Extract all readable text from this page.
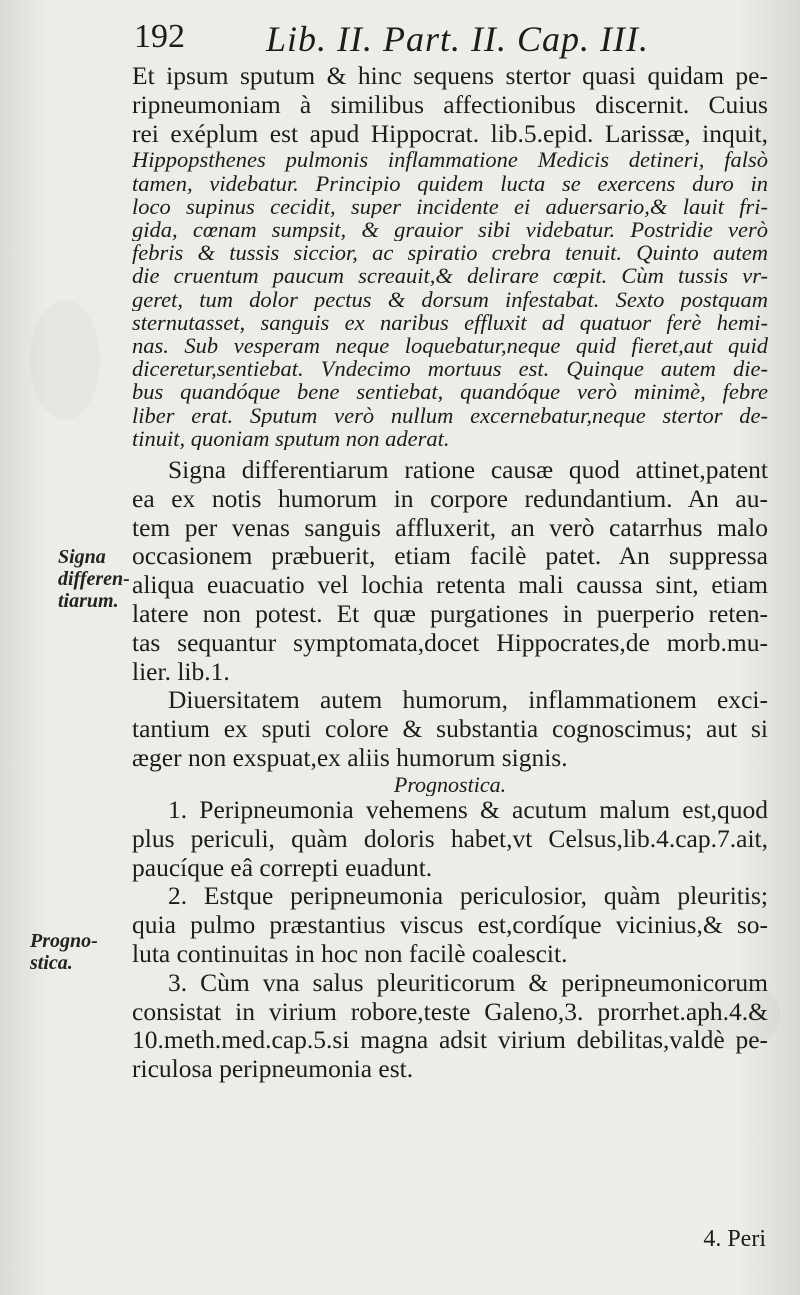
192 Lib. II. Part. II. Cap. III.
Signa
differen-
tiarum.
Progno-
stica.
Et ipsum sputum & hinc sequens stertor quasi quidam pe-
ripneumoniam à similibus affectionibus discernit. Cuius
rei exéplum est apud Hippocrat. lib.5.epid. Larissæ, inquit,
Hippopsthenes pulmonis inflammatione Medicis detineri, falsò
tamen, videbatur. Principio quidem lucta se exercens duro in
loco supinus cecidit, super incidente ei aduersario,& lauit fri-
gida, cœnam sumpsit, & grauior sibi videbatur. Postridie verò
febris & tussis siccior, ac spiratio crebra tenuit. Quinto autem
die cruentum paucum screauit,& delirare cœpit. Cùm tussis vr-
geret, tum dolor pectus & dorsum infestabat. Sexto postquam
sternutasset, sanguis ex naribus effluxit ad quatuor ferè hemi-
nas. Sub vesperam neque loquebatur,neque quid fieret,aut quid
diceretur,sentiebat. Vndecimo mortuus est. Quinque autem die-
bus quandóque bene sentiebat, quandóque verò minimè, febre
liber erat. Sputum verò nullum excernebatur,neque stertor de-
tinuit, quoniam sputum non aderat.
Signa differentiarum ratione causæ quod attinet,patent
ea ex notis humorum in corpore redundantium. An au-
tem per venas sanguis affluxerit, an verò catarrhus malo
occasionem præbuerit, etiam facilè patet. An suppressa
aliqua euacuatio vel lochia retenta mali caussa sint, etiam
latere non potest. Et quæ purgationes in puerperio reten-
tas sequantur symptomata,docet Hippocrates,de morb.mu-
lier. lib.1.
Diuersitatem autem humorum, inflammationem exci-
tantium ex sputi colore & substantia cognoscimus; aut si
æger non exspuat,ex aliis humorum signis.
Prognostica.
1. Peripneumonia vehemens & acutum malum est,quod
plus periculi, quàm doloris habet,vt Celsus,lib.4.cap.7.ait,
paucíque eâ correpti euadunt.
2. Estque peripneumonia periculosior, quàm pleuritis;
quia pulmo præstantius viscus est,cordíque vicinius,& so-
luta continuitas in hoc non facilè coalescit.
3. Cùm vna salus pleuriticorum & peripneumonicorum
consistat in virium robore,teste Galeno,3. prorrhet.aph.4.&
10.meth.med.cap.5.si magna adsit virium debilitas,valdè pe-
riculosa peripneumonia est.
4. Peri
